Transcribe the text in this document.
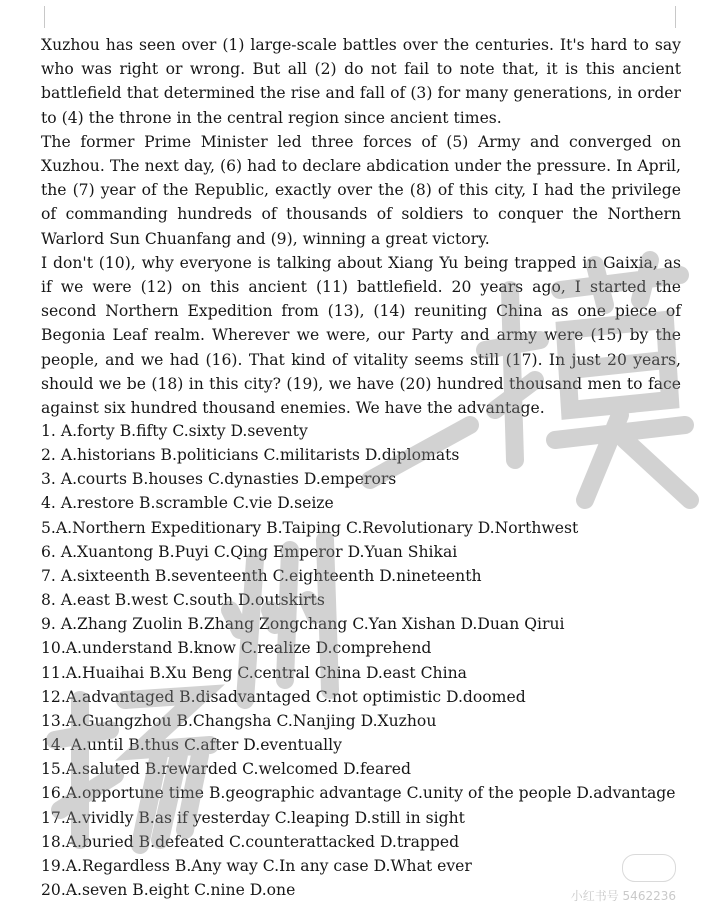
Xuzhou has seen over (1) large-scale battles over the centuries. It's hard to say who was right or wrong. But all (2) do not fail to note that, it is this ancient battlefield that determined the rise and fall of (3) for many generations, in order to (4) the throne in the central region since ancient times.

The former Prime Minister led three forces of (5) Army and converged on Xuzhou. The next day, (6) had to declare abdication under the pressure. In April, the (7) year of the Republic, exactly over the (8) of this city, I had the privilege of commanding hundreds of thousands of soldiers to conquer the Northern Warlord Sun Chuanfang and (9), winning a great victory.

I don't (10), why everyone is talking about Xiang Yu being trapped in Gaixia, as if we were (12) on this ancient (11) battlefield. 20 years ago, I started the second Northern Expedition from (13), (14) reuniting China as one piece of Begonia Leaf realm. Wherever we were, our Party and army were (15) by the people, and we had (16). That kind of vitality seems still (17). In just 20 years, should we be (18) in this city? (19), we have (20) hundred thousand men to face against six hundred thousand enemies. We have the advantage.

1. A.forty B.fifty C.sixty D.seventy
2. A.historians B.politicians C.militarists D.diplomats
3. A.courts B.houses C.dynasties D.emperors
4. A.restore B.scramble C.vie D.seize
5.A.Northern Expeditionary B.Taiping C.Revolutionary D.Northwest
6. A.Xuantong B.Puyi C.Qing Emperor D.Yuan Shikai
7. A.sixteenth B.seventeenth C.eighteenth D.nineteenth
8. A.east B.west C.south D.outskirts
9. A.Zhang Zuolin B.Zhang Zongchang C.Yan Xishan D.Duan Qirui
10.A.understand B.know C.realize D.comprehend
11.A.Huaihai B.Xu Beng C.central China D.east China
12.A.advantaged B.disadvantaged C.not optimistic D.doomed
13.A.Guangzhou B.Changsha C.Nanjing D.Xuzhou
14. A.until B.thus C.after D.eventually
15.A.saluted B.rewarded C.welcomed D.feared
16.A.opportune time B.geographic advantage C.unity of the people D.advantage
17.A.vividly B.as if yesterday C.leaping D.still in sight
18.A.buried B.defeated C.counterattacked D.trapped
19.A.Regardless B.Any way C.In any case D.What ever
20.A.seven B.eight C.nine D.one	小红书号 5462236
